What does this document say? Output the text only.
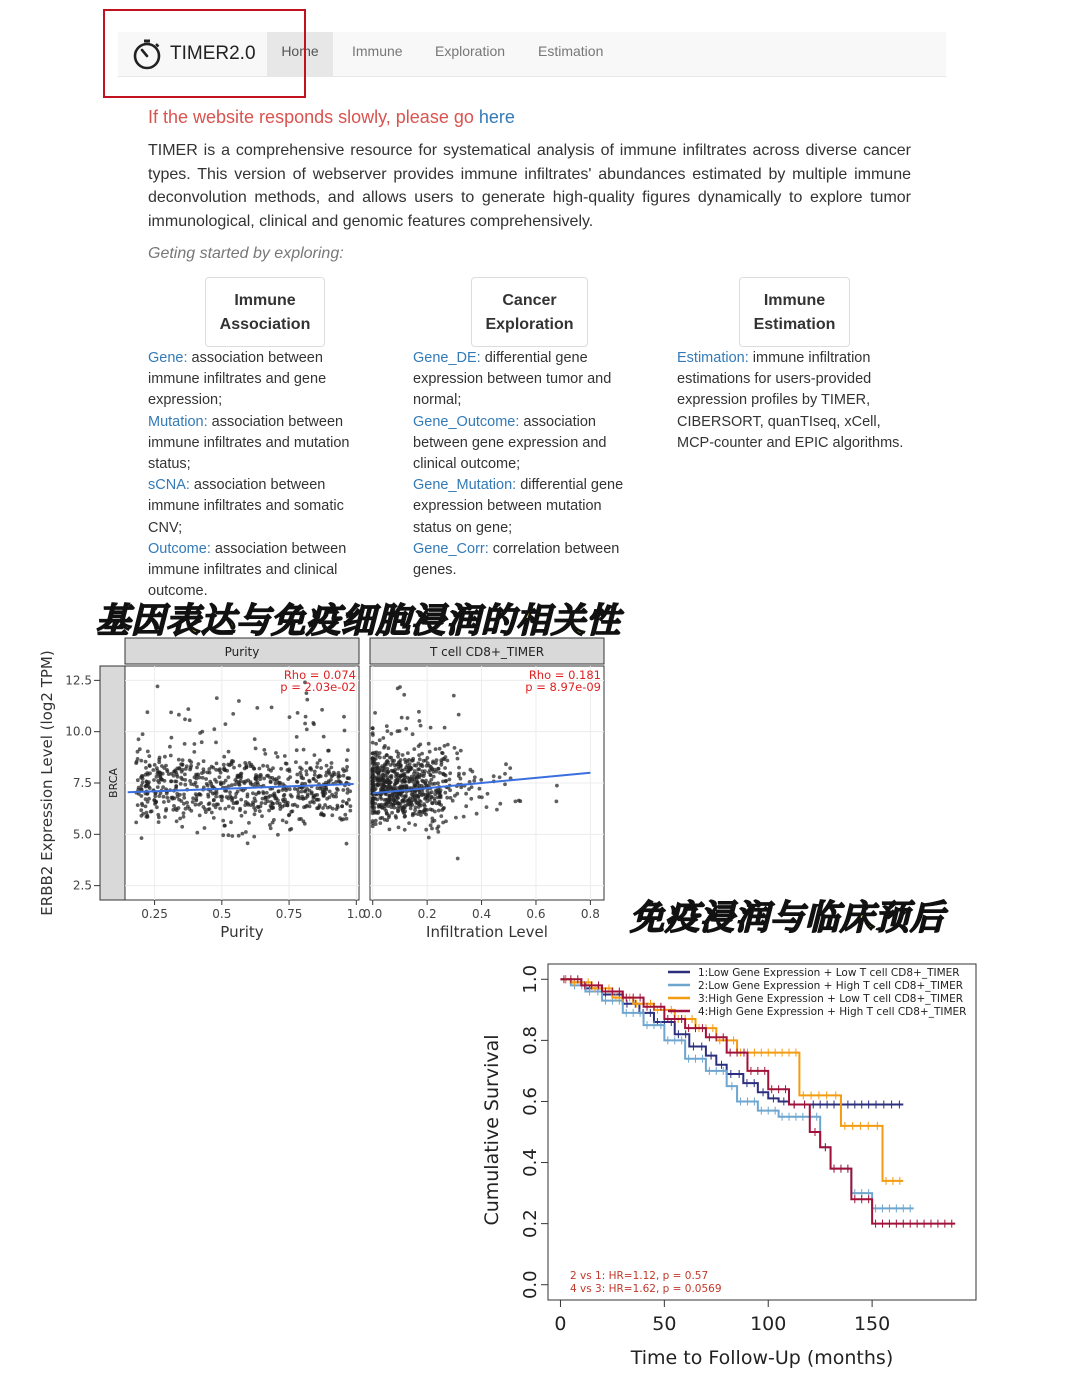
TIMER2.0	Home	Immune Exploration Estimation
If the website responds slowly, please go here
TIMER is a comprehensive resource for systematical analysis of immune infiltrates across diverse cancer types. This version of webserver provides immune infiltrates' abundances estimated by multiple immune deconvolution methods, and allows users to generate high-quality figures dynamically to explore tumor immunological, clinical and genomic features comprehensively.
Geting started by exploring:
Immune
Association
Cancer
Exploration
Immune
Estimation
Gene: association between immune infiltrates and gene expression;
Mutation: association between immune infiltrates and mutation status;
sCNA: association between immune infiltrates and somatic CNV;
Outcome: association between immune infiltrates and clinical outcome.
Gene_DE: differential gene expression between tumor and normal;
Gene_Outcome: association between gene expression and clinical outcome;
Gene_Mutation: differential gene expression between mutation status on gene;
Gene_Corr: correlation between genes.
Estimation: immune infiltration estimations for users-provided expression profiles by TIMER, CIBERSORT, quanTIseq, xCell, MCP-counter and EPIC algorithms.
ERBB2 Expression Level (log2 TPM)	BRCA
2.5
5.0
7.5
10.0
12.5
Purity
0.25	0.5	0.75	1.0
Purity
Rho = 0.074
p = 2.03e-02
T cell CD8+_TIMER
0.0	0.2	0.4	0.6	0.8
Infiltration Level
Rho = 0.181
p = 8.97e-09
0.0
0.2
0.4
0.6
0.8
1.0
Cumulative Survival
0	50	100	150
Time to Follow-Up (months)
1:Low Gene Expression + Low T cell CD8+_TIMER
2:Low Gene Expression + High T cell CD8+_TIMER
3:High Gene Expression + Low T cell CD8+_TIMER
4:High Gene Expression + High T cell CD8+_TIMER
2 vs 1: HR=1.12, p = 0.57
4 vs 3: HR=1.62, p = 0.0569
基因表达与免疫细胞浸润的相关性
免疫浸润与临床预后
